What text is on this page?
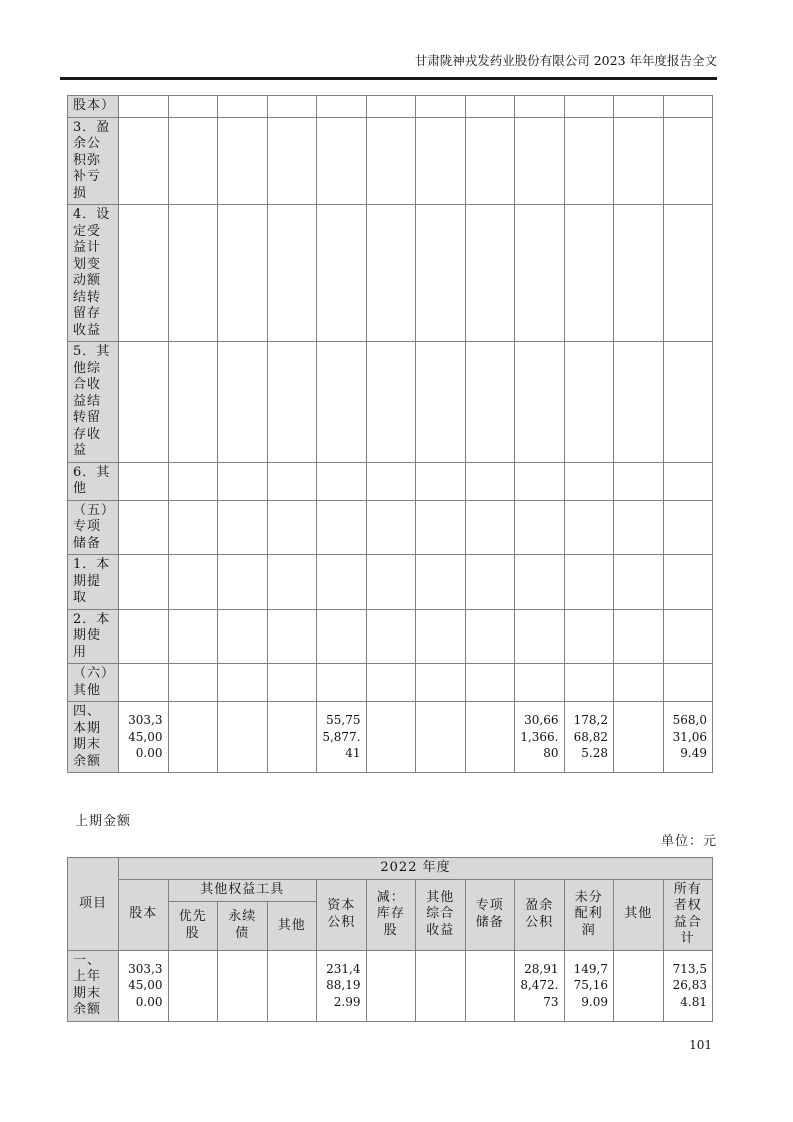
甘肃陇神戎发药业股份有限公司 2023 年年度报告全文
股本）												
3．盈余公积弥补亏损												
4．设定受益计划变动额结转留存收益												
5．其他综合收益结转留存收益												
6．其他												
（五）专项储备												
1．本期提取												
2．本期使用												
（六）其他												
四、本期期末余额	303,345,000.00				55,755,877.41				30,661,366.80	178,268,825.28		568,031,069.49
上期金额
单位：元
项目	2022 年度											
	股本	其他权益工具			资本公积	减：库存股	其他综合收益	专项储备	盈余公积	未分配利润	其他	所有者权益合计
		优先股	永续债	其他								
一、上年期末余额	303,345,000.00				231,488,192.99				28,918,472.73	149,775,169.09		713,526,834.81
101
